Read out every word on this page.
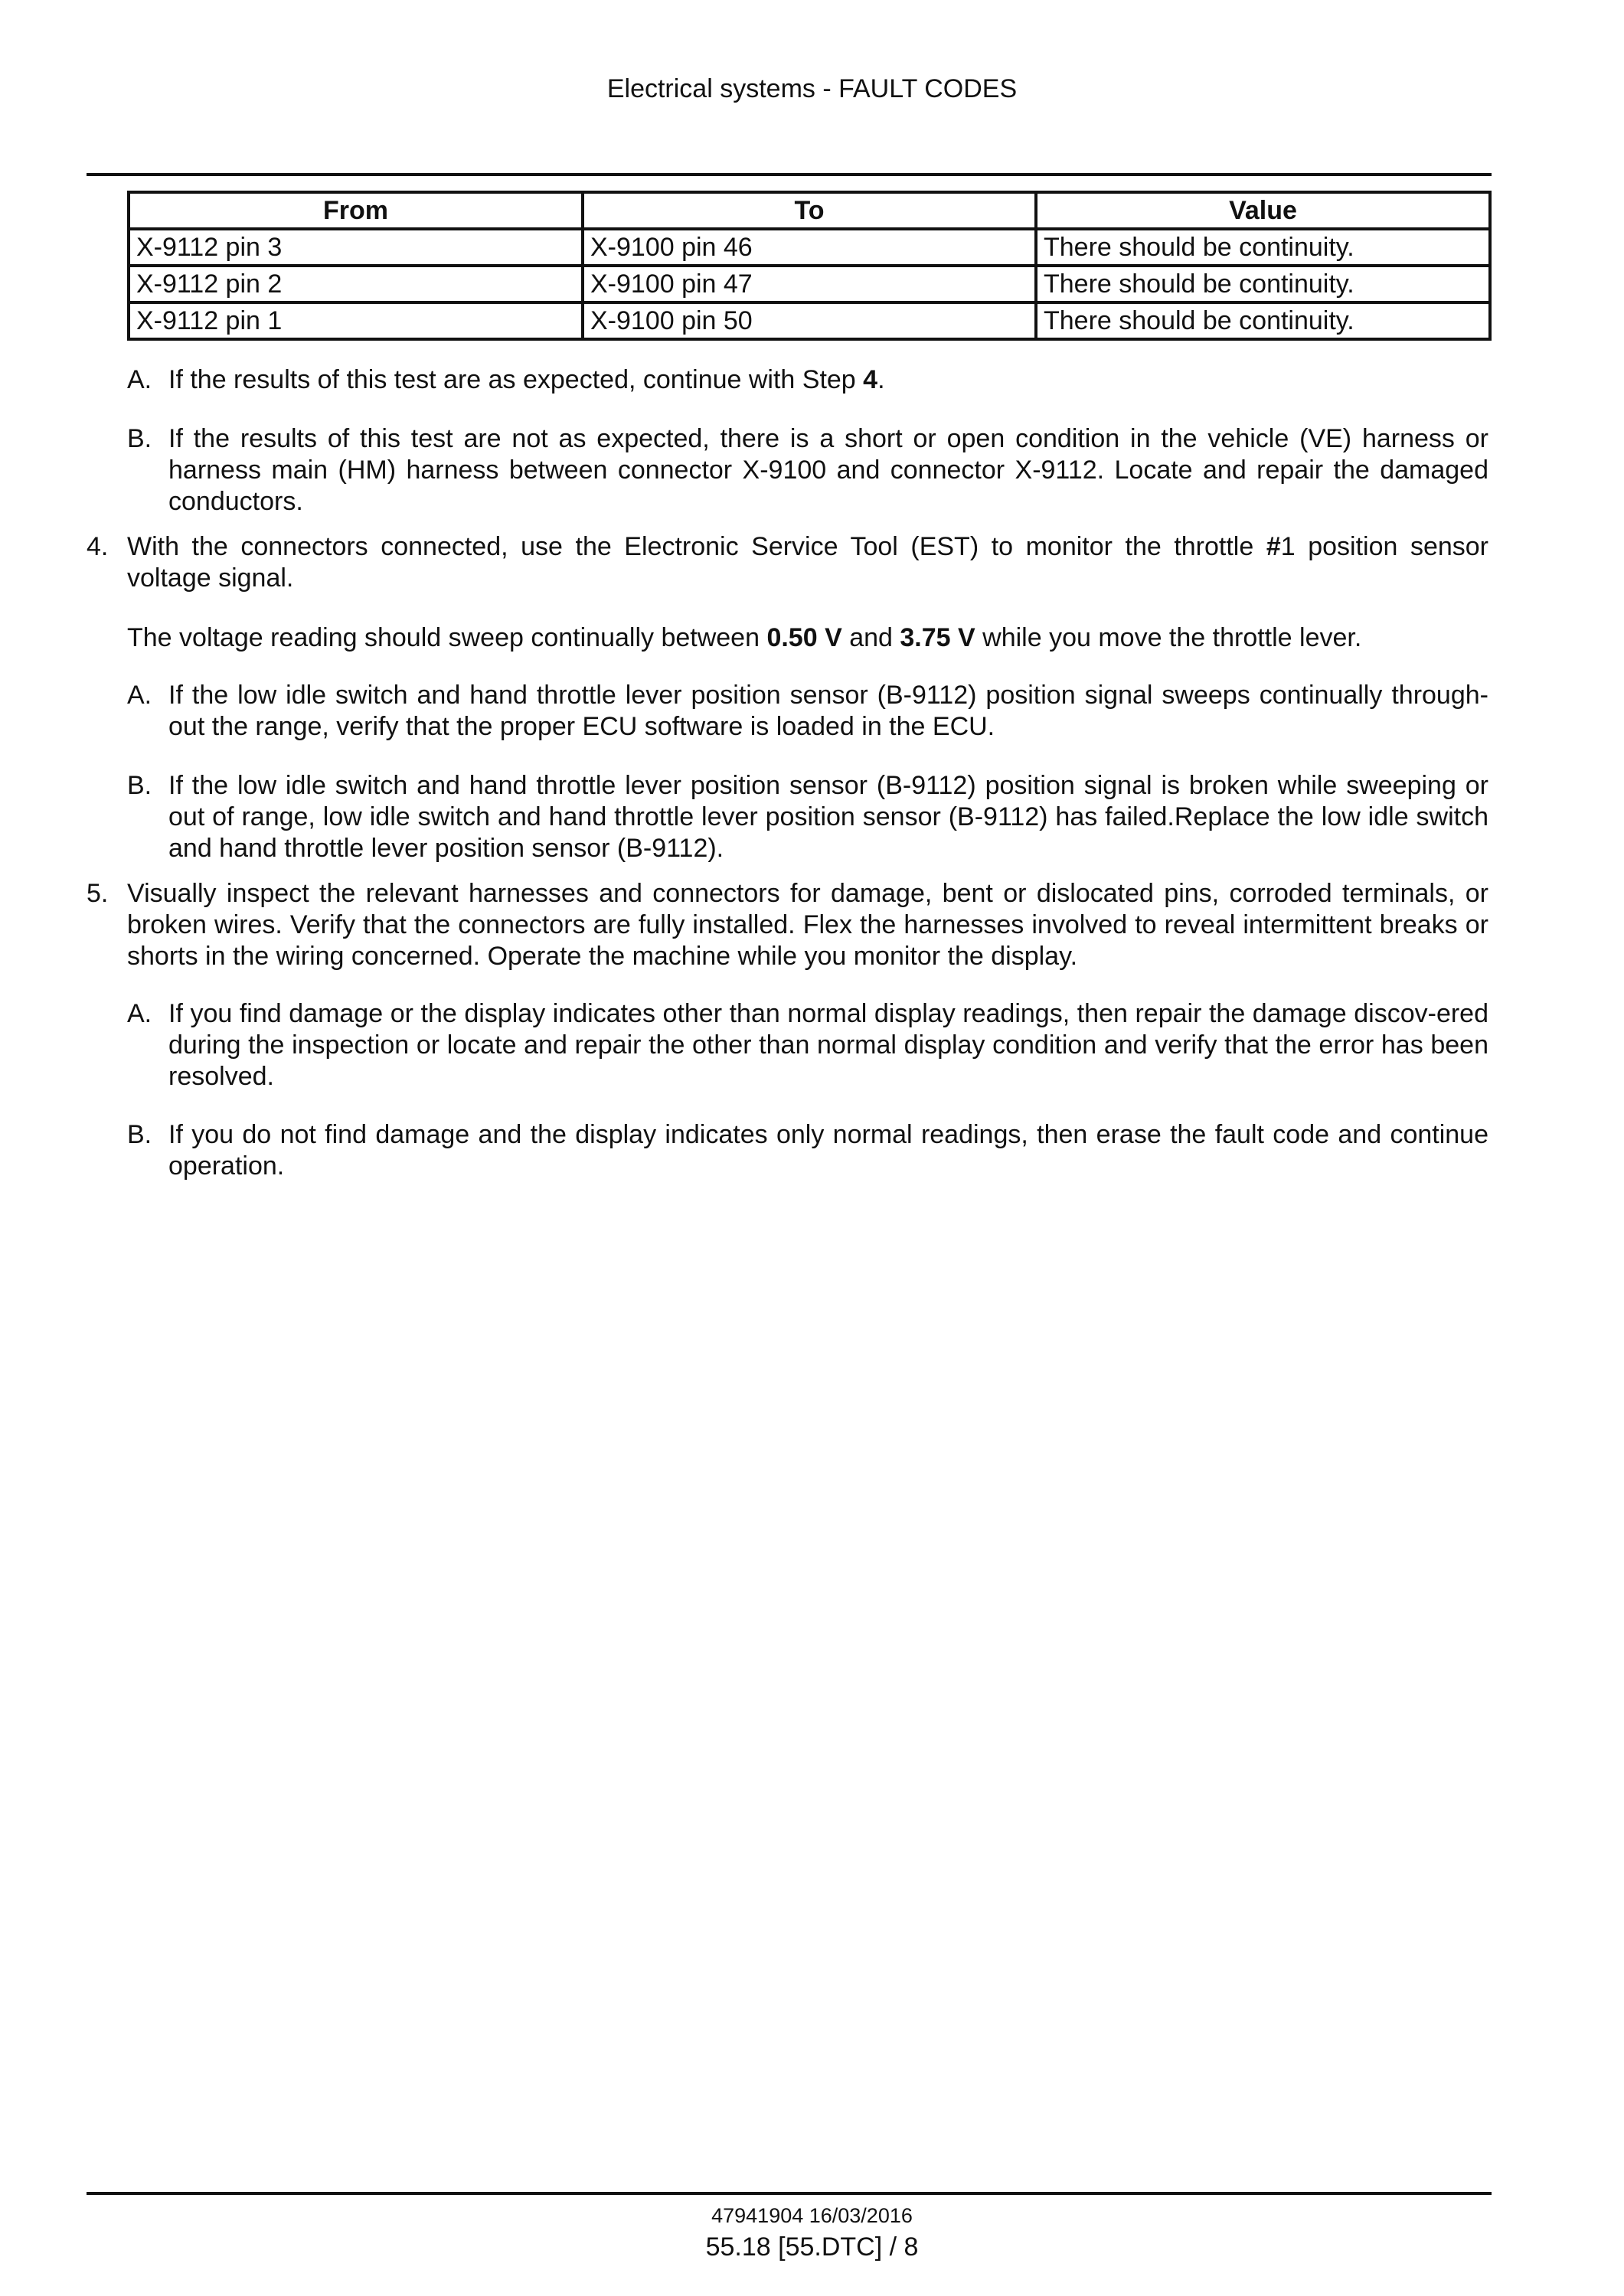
Electrical systems - FAULT CODES
From	To	Value
X-9112 pin 3	X-9100 pin 46	There should be continuity.
X-9112 pin 2	X-9100 pin 47	There should be continuity.
X-9112 pin 1	X-9100 pin 50	There should be continuity.
A. If the results of this test are as expected, continue with Step 4.
B. If the results of this test are not as expected, there is a short or open condition in the vehicle (VE) harness or harness main (HM) harness between connector X-9100 and connector X-9112. Locate and repair the damaged conductors.
4. With the connectors connected, use the Electronic Service Tool (EST) to monitor the throttle #1 position sensor voltage signal.
The voltage reading should sweep continually between 0.50 V and 3.75 V while you move the throttle lever.
A. If the low idle switch and hand throttle lever position sensor (B-9112) position signal sweeps continually through-out the range, verify that the proper ECU software is loaded in the ECU.
B. If the low idle switch and hand throttle lever position sensor (B-9112) position signal is broken while sweeping or out of range, low idle switch and hand throttle lever position sensor (B-9112) has failed.Replace the low idle switch and hand throttle lever position sensor (B-9112).
5. Visually inspect the relevant harnesses and connectors for damage, bent or dislocated pins, corroded terminals, or broken wires. Verify that the connectors are fully installed. Flex the harnesses involved to reveal intermittent breaks or shorts in the wiring concerned. Operate the machine while you monitor the display.
A. If you find damage or the display indicates other than normal display readings, then repair the damage discov-ered during the inspection or locate and repair the other than normal display condition and verify that the error has been resolved.
B. If you do not find damage and the display indicates only normal readings, then erase the fault code and continue operation.
47941904 16/03/2016
55.18 [55.DTC] / 8
